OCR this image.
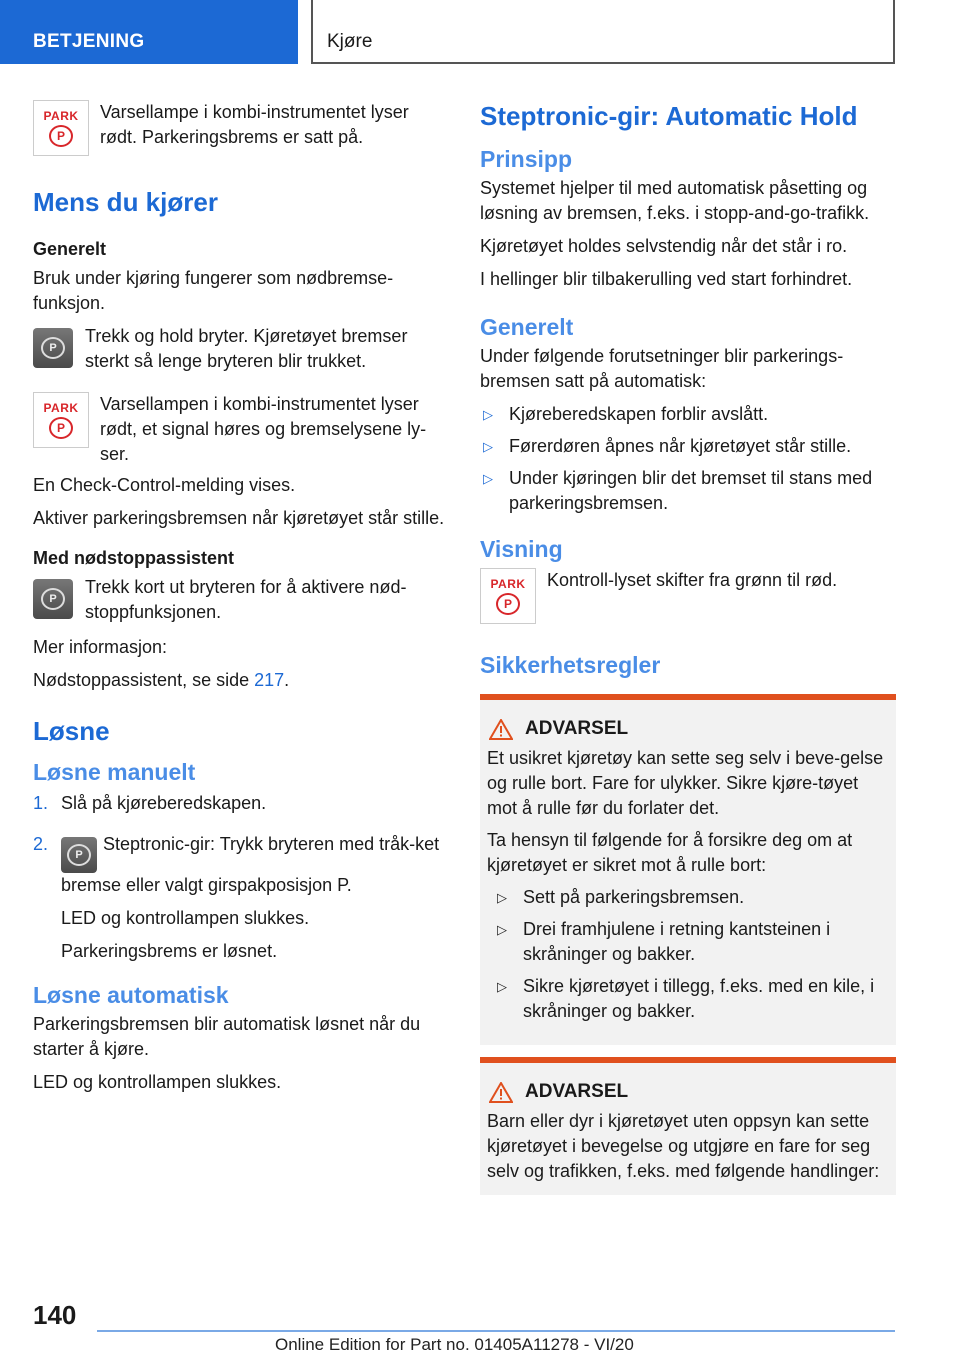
BETJENING	Kjøre
PARK
P
Varsellampe i kombi-instrumentet lyser rødt. Parkeringsbrems er satt på.
Mens du kjører
Generelt

Bruk under kjøring fungerer som nødbremse-funksjon.

P
Trekk og hold bryter. Kjøretøyet bremser sterkt så lenge bryteren blir trukket.
PARK
P
Varsellampen i kombi-instrumentet lyser rødt, et signal høres og bremselysene ly-ser.

En Check-Control-melding vises.

Aktiver parkeringsbremsen når kjøretøyet står stille.

Med nødstoppassistent
P
Trekk kort ut bryteren for å aktivere nød-stoppfunksjonen.

Mer informasjon:

Nødstoppassistent, se side 217.

Løsne
Løsne manuelt
1. Slå på kjøreberedskapen.
2.
P
Steptronic-gir: Trykk bryteren med tråk-ket bremse eller valgt girspakposisjon P.

LED og kontrollampen slukkes.

Parkeringsbrems er løsnet.

Løsne automatisk

Parkeringsbremsen blir automatisk løsnet når du starter å kjøre.

LED og kontrollampen slukkes.

Steptronic-gir: Automatic Hold
Prinsipp

Systemet hjelper til med automatisk påsetting og løsning av bremsen, f.eks. i stopp-and-go-trafikk.

Kjøretøyet holdes selvstendig når det står i ro.

I hellinger blir tilbakerulling ved start forhindret.

Generelt

Under følgende forutsetninger blir parkerings-bremsen satt på automatisk:

▷ Kjøreberedskapen forblir avslått.
▷ Førerdøren åpnes når kjøretøyet står stille.
▷ Under kjøringen blir det bremset til stans med parkeringsbremsen.
Visning
PARK
P
Kontroll-lyset skifter fra grønn til rød.
Sikkerhetsregler
ADVARSEL

Et usikret kjøretøy kan sette seg selv i beve-gelse og rulle bort. Fare for ulykker. Sikre kjøre-tøyet mot å rulle før du forlater det.

Ta hensyn til følgende for å forsikre deg om at kjøretøyet er sikret mot å rulle bort:

▷ Sett på parkeringsbremsen.
▷ Drei framhjulene i retning kantsteinen i skråninger og bakker.
▷ Sikre kjøretøyet i tillegg, f.eks. med en kile, i skråninger og bakker.
ADVARSEL

Barn eller dyr i kjøretøyet uten oppsyn kan sette kjøretøyet i bevegelse og utgjøre en fare for seg selv og trafikken, f.eks. med følgende handlinger:

140
Online Edition for Part no. 01405A11278 - VI/20
